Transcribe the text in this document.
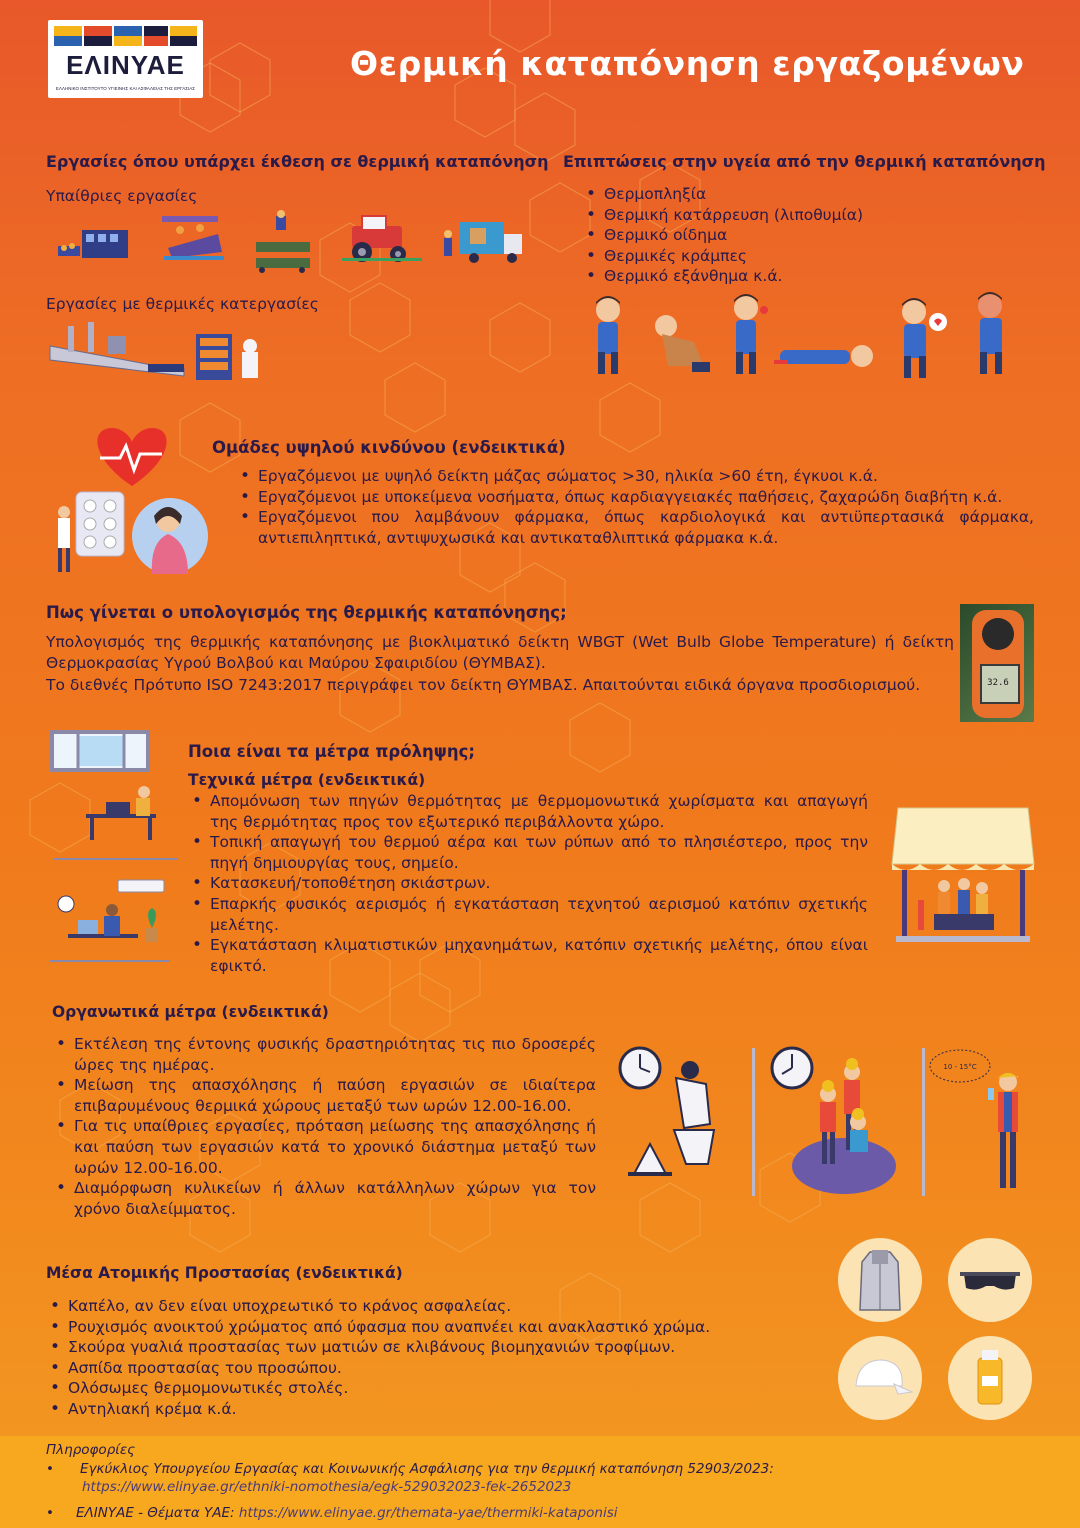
ΕΛΙΝΥΑΕ
ΕΛΛΗΝΙΚΟ ΙΝΣΤΙΤΟΥΤΟ ΥΓΙΕΙΝΗΣ ΚΑΙ ΑΣΦΑΛΕΙΑΣ ΤΗΣ ΕΡΓΑΣΙΑΣ
Θερμική καταπόνηση εργαζομένων
Εργασίες όπου υπάρχει έκθεση σε θερμική καταπόνηση
Υπαίθριες εργασίες
Εργασίες με θερμικές κατεργασίες
Επιπτώσεις στην υγεία από την θερμική καταπόνηση
• Θερμοπληξία
• Θερμική κατάρρευση (λιποθυμία)
• Θερμικό οίδημα
• Θερμικές κράμπες
• Θερμικό εξάνθημα κ.ά.
Ομάδες υψηλού κινδύνου (ενδεικτικά)
• Εργαζόμενοι με υψηλό δείκτη μάζας σώματος >30, ηλικία >60 έτη, έγκυοι κ.ά.
• Εργαζόμενοι με υποκείμενα νοσήματα, όπως καρδιαγγειακές παθήσεις, ζαχαρώδη διαβήτη κ.ά.
• Εργαζόμενοι που λαμβάνουν φάρμακα, όπως καρδιολογικά και αντιϋπερτασικά φάρμακα, αντιεπιληπτικά, αντιψυχωσικά και αντικαταθλιπτικά φάρμακα κ.ά.
Πως γίνεται ο υπολογισμός της θερμικής καταπόνησης;
Υπολογισμός της θερμικής καταπόνησης με βιοκλιματικό δείκτη WBGT (Wet Bulb Globe Temperature) ή δείκτη Θερμοκρασίας Υγρού Βολβού και Μαύρου Σφαιριδίου (ΘΥΜΒΑΣ).
Το διεθνές Πρότυπο ISO 7243:2017 περιγράφει τον δείκτη ΘΥΜΒΑΣ. Απαιτούνται ειδικά όργανα προσδιορισμού.	32.6
Ποια είναι τα μέτρα πρόληψης;
Τεχνικά μέτρα (ενδεικτικά)
• Απομόνωση των πηγών θερμότητας με θερμομονωτικά χωρίσματα και απαγωγή της θερμότητας προς τον εξωτερικό περιβάλλοντα χώρο.
• Τοπική απαγωγή του θερμού αέρα και των ρύπων από το πλησιέστερο, προς την πηγή δημιουργίας τους, σημείο.
• Κατασκευή/τοποθέτηση σκιάστρων.
• Επαρκής φυσικός αερισμός ή εγκατάσταση τεχνητού αερισμού κατόπιν σχετικής μελέτης.
• Εγκατάσταση κλιματιστικών μηχανημάτων, κατόπιν σχετικής μελέτης, όπου είναι εφικτό.
Οργανωτικά μέτρα (ενδεικτικά)
• Εκτέλεση της έντονης φυσικής δραστηριότητας τις πιο δροσερές ώρες της ημέρας.
• Μείωση της απασχόλησης ή παύση εργασιών σε ιδιαίτερα επιβαρυμένους θερμικά χώρους μεταξύ των ωρών 12.00-16.00.
• Για τις υπαίθριες εργασίες, πρόταση μείωσης της απασχόλησης ή και παύση των εργασιών κατά το χρονικό διάστημα μεταξύ των ωρών 12.00-16.00.
• Διαμόρφωση κυλικείων ή άλλων κατάλληλων χώρων για τον χρόνο διαλείμματος.
10 - 15°C
Μέσα Ατομικής Προστασίας (ενδεικτικά)
• Καπέλο, αν δεν είναι υποχρεωτικό το κράνος ασφαλείας.
• Ρουχισμός ανοικτού χρώματος από ύφασμα που αναπνέει και ανακλαστικό χρώμα.
• Σκούρα γυαλιά προστασίας των ματιών σε κλιβάνους βιομηχανιών τροφίμων.
• Ασπίδα προστασίας του προσώπου.
• Ολόσωμες θερμομονωτικές στολές.
• Αντηλιακή κρέμα κ.ά.
Πληροφορίες
• Εγκύκλιος Υπουργείου Εργασίας και Κοινωνικής Ασφάλισης για την θερμική καταπόνηση 52903/2023:
https://www.elinyae.gr/ethniki-nomothesia/egk-529032023-fek-2652023
• ΕΛΙΝΥΑΕ - Θέματα ΥΑΕ: https://www.elinyae.gr/themata-yae/thermiki-kataponisi
